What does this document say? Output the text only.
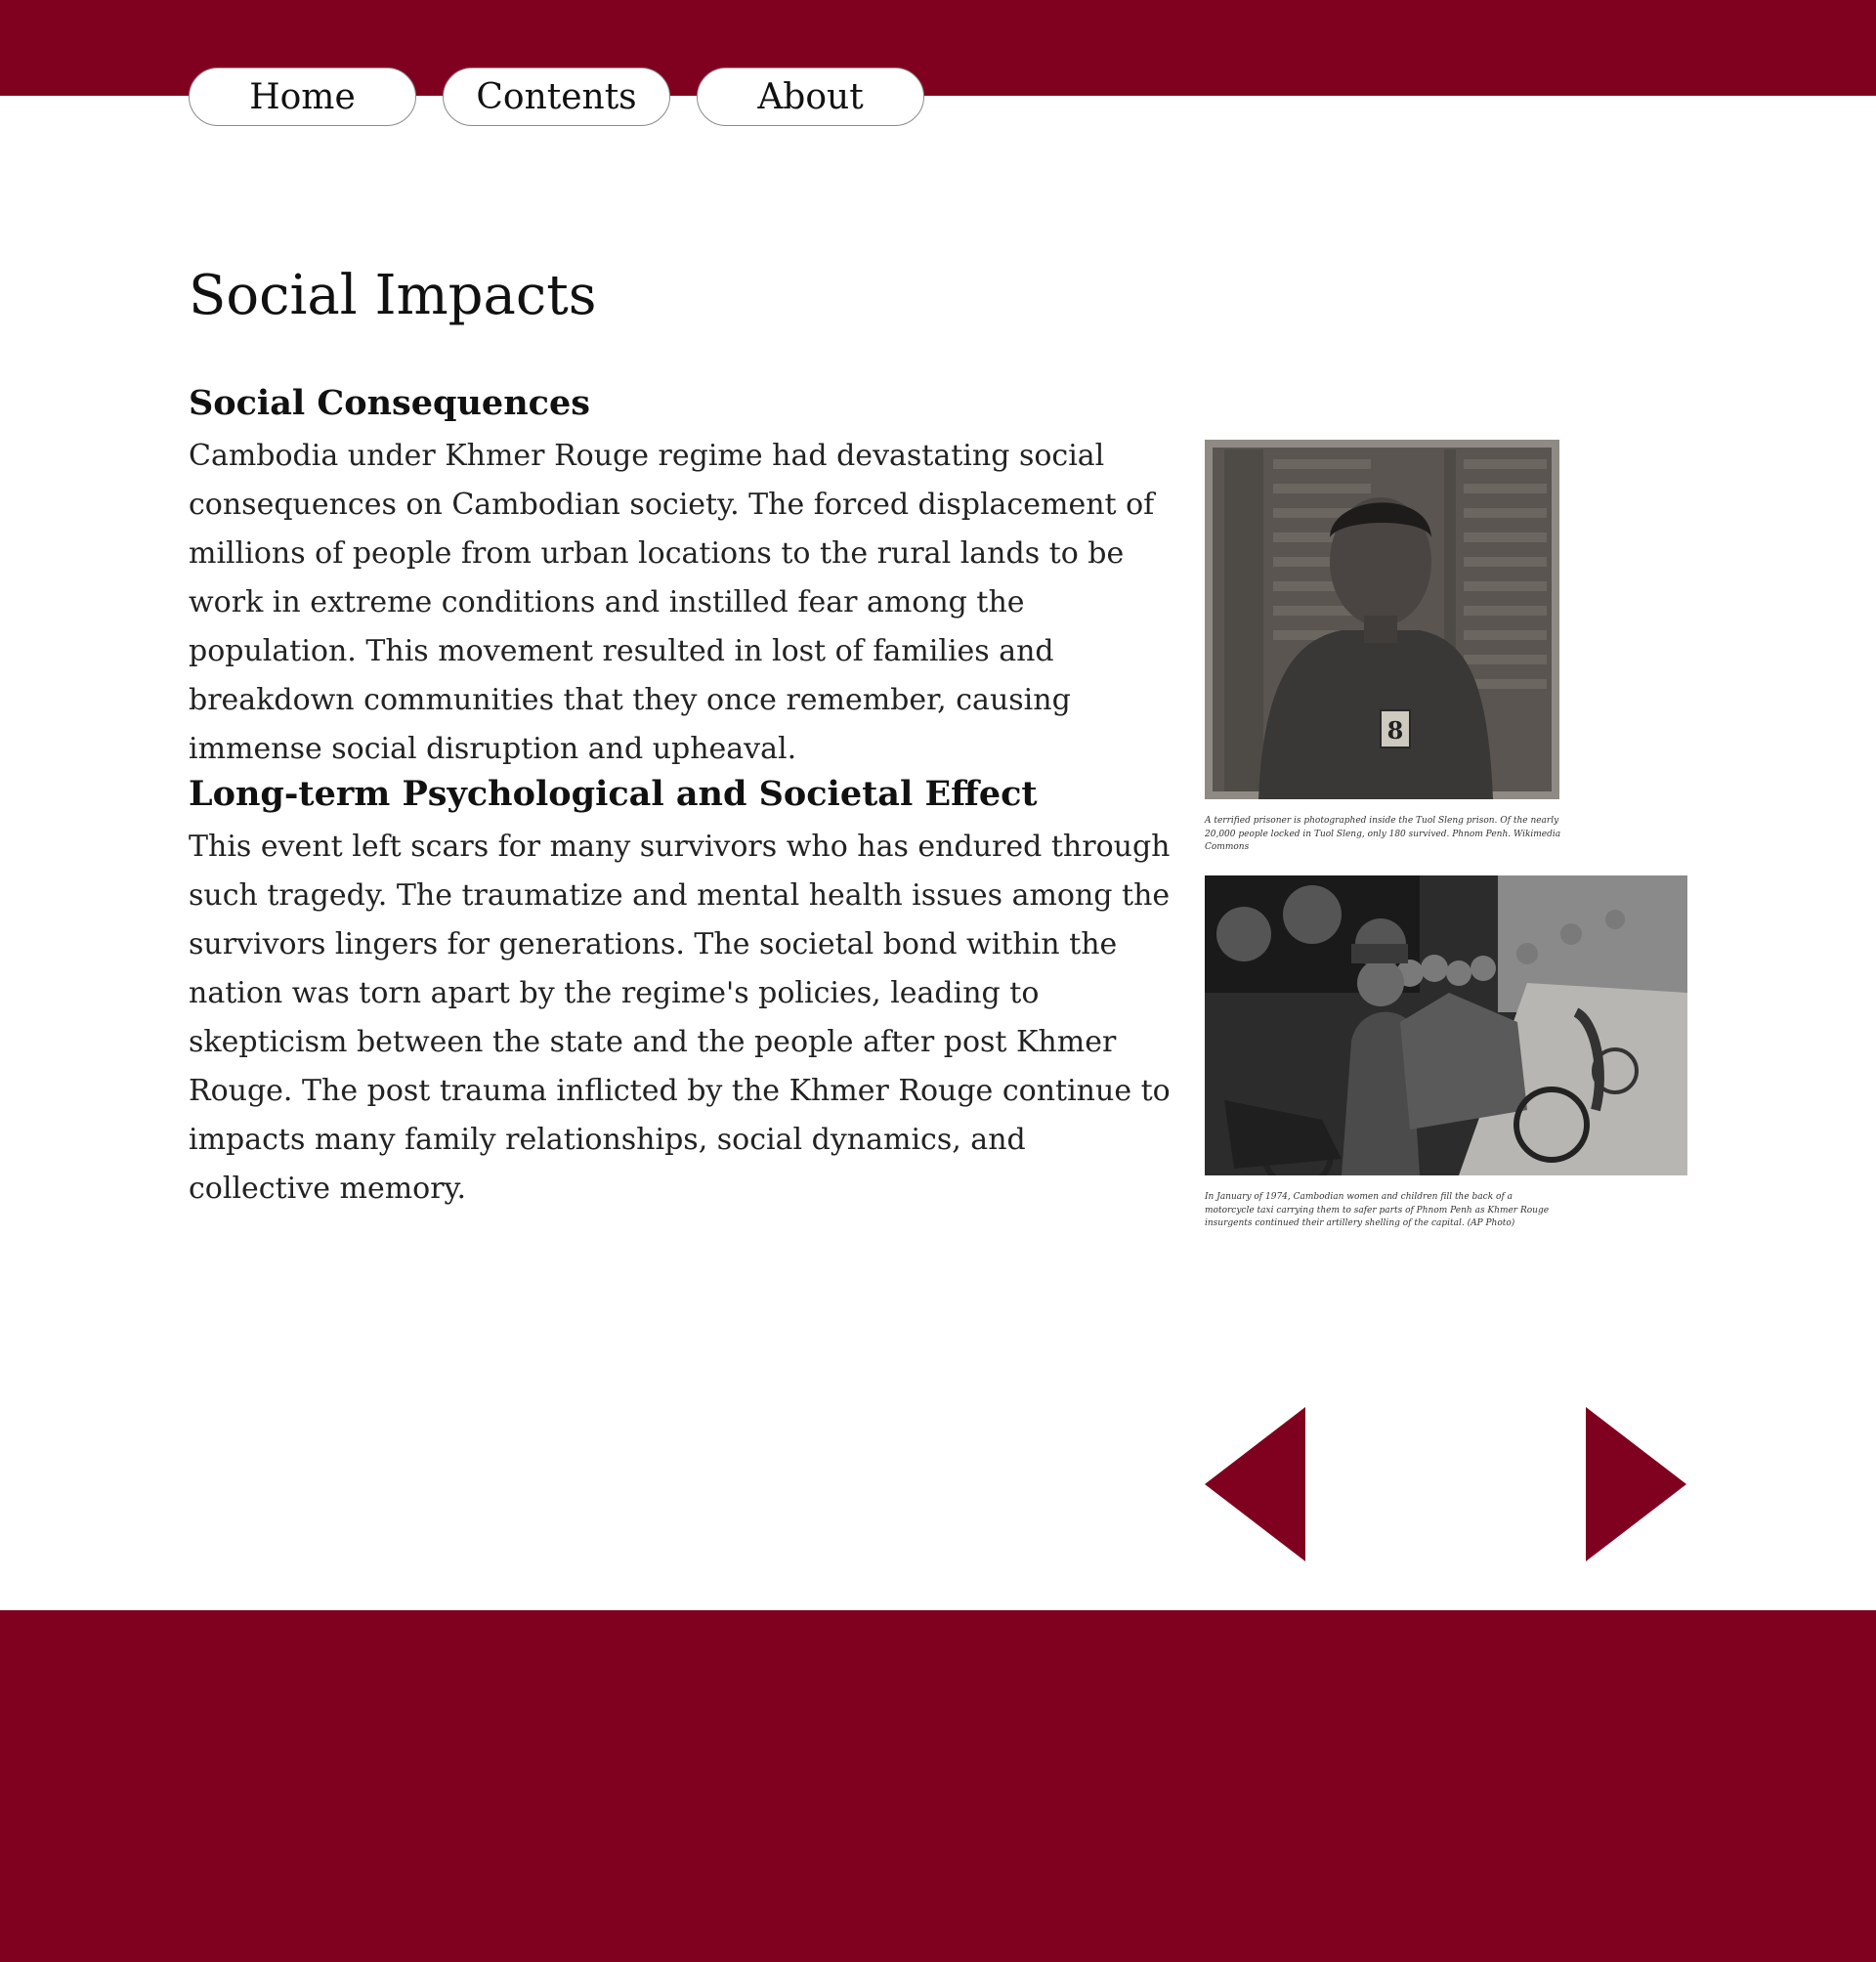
Home	Contents	About
Social Impacts
Social Consequences

Cambodia under Khmer Rouge regime had devastating social consequences on Cambodian society. The forced displacement of millions of people from urban locations to the rural lands to be work in extreme conditions and instilled fear among the population. This movement resulted in lost of families and breakdown communities that they once remember, causing immense social disruption and upheaval.

Long-term Psychological and Societal Effect

This event left scars for many survivors who has endured through such tragedy. The traumatize and mental health issues among the survivors lingers for generations. The societal bond within the nation was torn apart by the regime's policies, leading to skepticism between the state and the people after post Khmer Rouge. The post trauma inflicted by the Khmer Rouge continue to impacts many family relationships, social dynamics, and collective memory.

8

A terrified prisoner is photographed inside the Tuol Sleng prison. Of the nearly 20,000 people locked in Tuol Sleng, only 180 survived. Phnom Penh. Wikimedia Commons

In January of 1974, Cambodian women and children fill the back of a motorcycle taxi carrying them to safer parts of Phnom Penh as Khmer Rouge insurgents continued their artillery shelling of the capital. (AP Photo)
